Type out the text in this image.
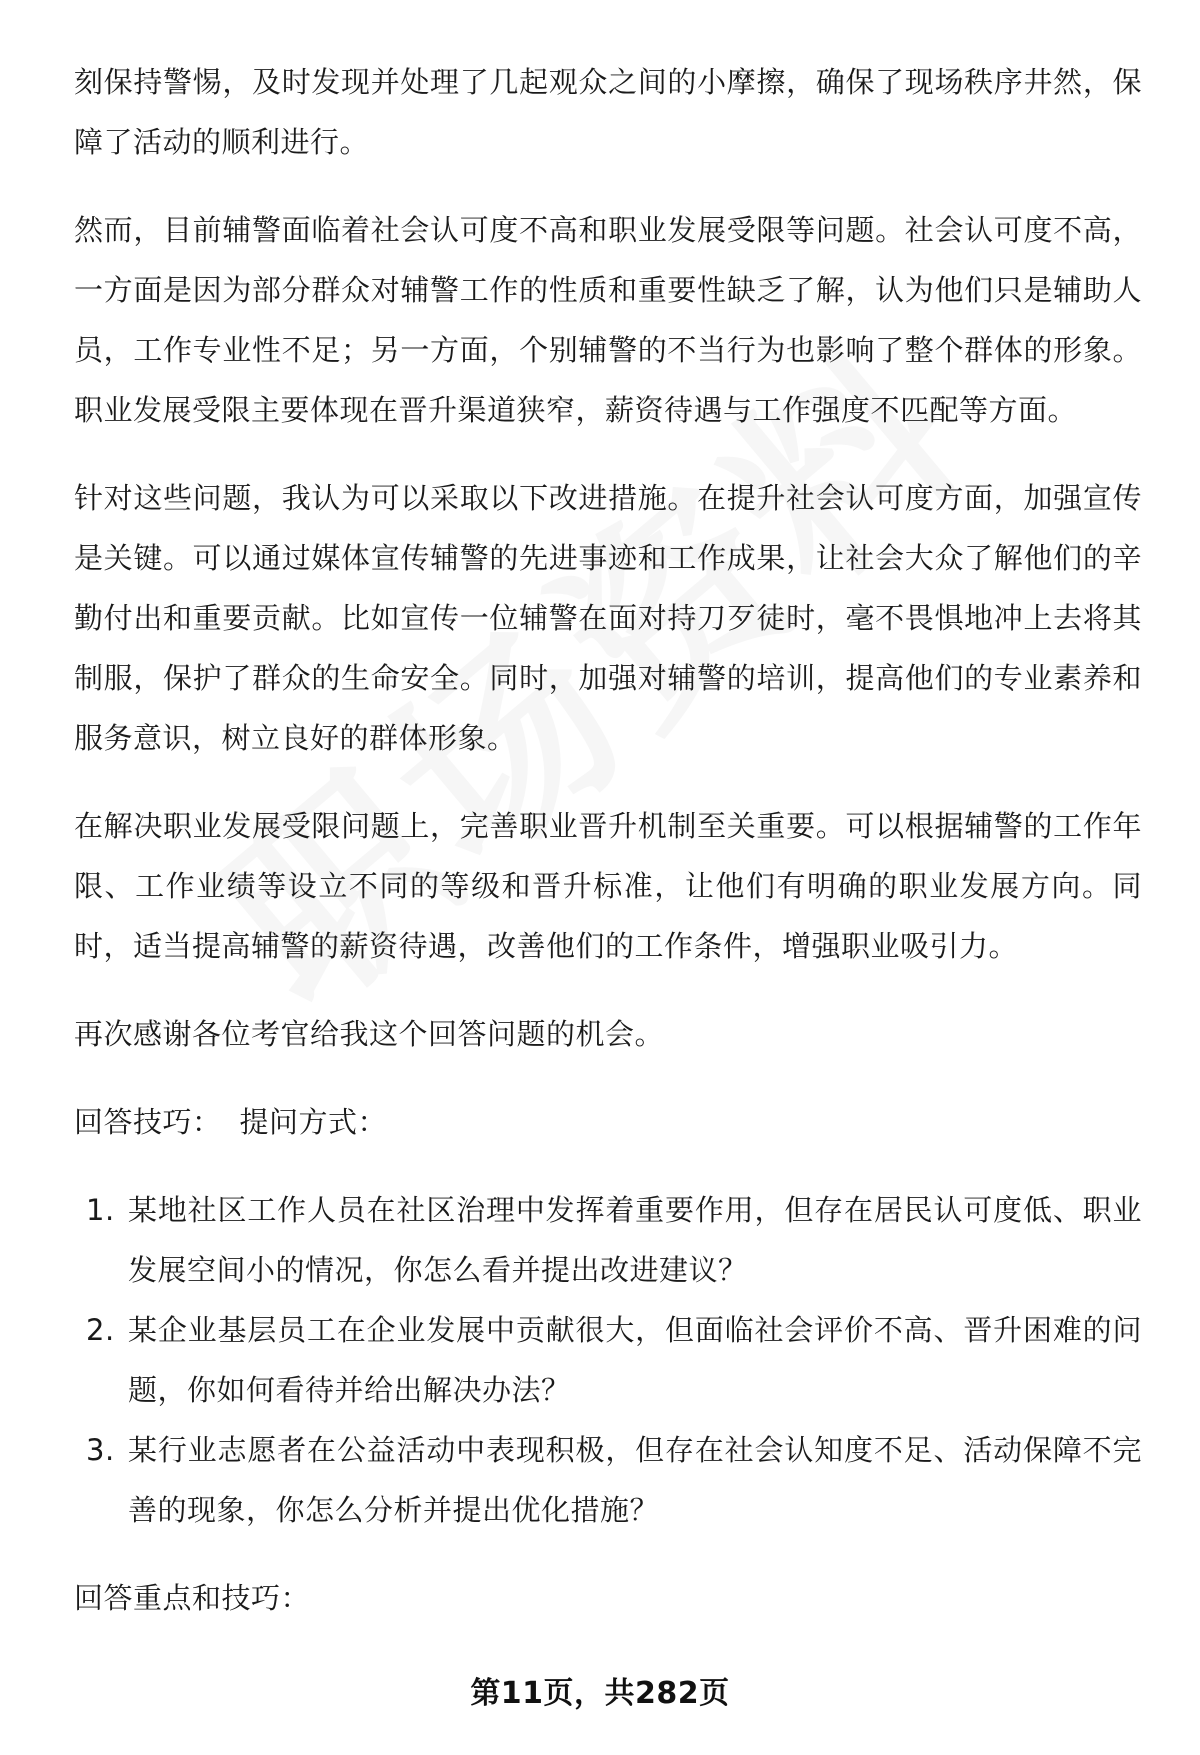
刻保持警惕，及时发现并处理了几起观众之间的小摩擦，确保了现场秩序井然，保障了活动的顺利进行。

然而，目前辅警面临着社会认可度不高和职业发展受限等问题。社会认可度不高，一方面是因为部分群众对辅警工作的性质和重要性缺乏了解，认为他们只是辅助人员，工作专业性不足；另一方面，个别辅警的不当行为也影响了整个群体的形象。职业发展受限主要体现在晋升渠道狭窄，薪资待遇与工作强度不匹配等方面。

针对这些问题，我认为可以采取以下改进措施。在提升社会认可度方面，加强宣传是关键。可以通过媒体宣传辅警的先进事迹和工作成果，让社会大众了解他们的辛勤付出和重要贡献。比如宣传一位辅警在面对持刀歹徒时，毫不畏惧地冲上去将其制服，保护了群众的生命安全。同时，加强对辅警的培训，提高他们的专业素养和服务意识，树立良好的群体形象。

在解决职业发展受限问题上，完善职业晋升机制至关重要。可以根据辅警的工作年限、工作业绩等设立不同的等级和晋升标准，让他们有明确的职业发展方向。同时，适当提高辅警的薪资待遇，改善他们的工作条件，增强职业吸引力。

再次感谢各位考官给我这个回答问题的机会。

回答技巧： 提问方式：

1. 某地社区工作人员在社区治理中发挥着重要作用，但存在居民认可度低、职业发展空间小的情况，你怎么看并提出改进建议？
2. 某企业基层员工在企业发展中贡献很大，但面临社会评价不高、晋升困难的问题，你如何看待并给出解决办法？
3. 某行业志愿者在公益活动中表现积极，但存在社会认知度不足、活动保障不完善的现象，你怎么分析并提出优化措施？

回答重点和技巧：

第11页，共282页
